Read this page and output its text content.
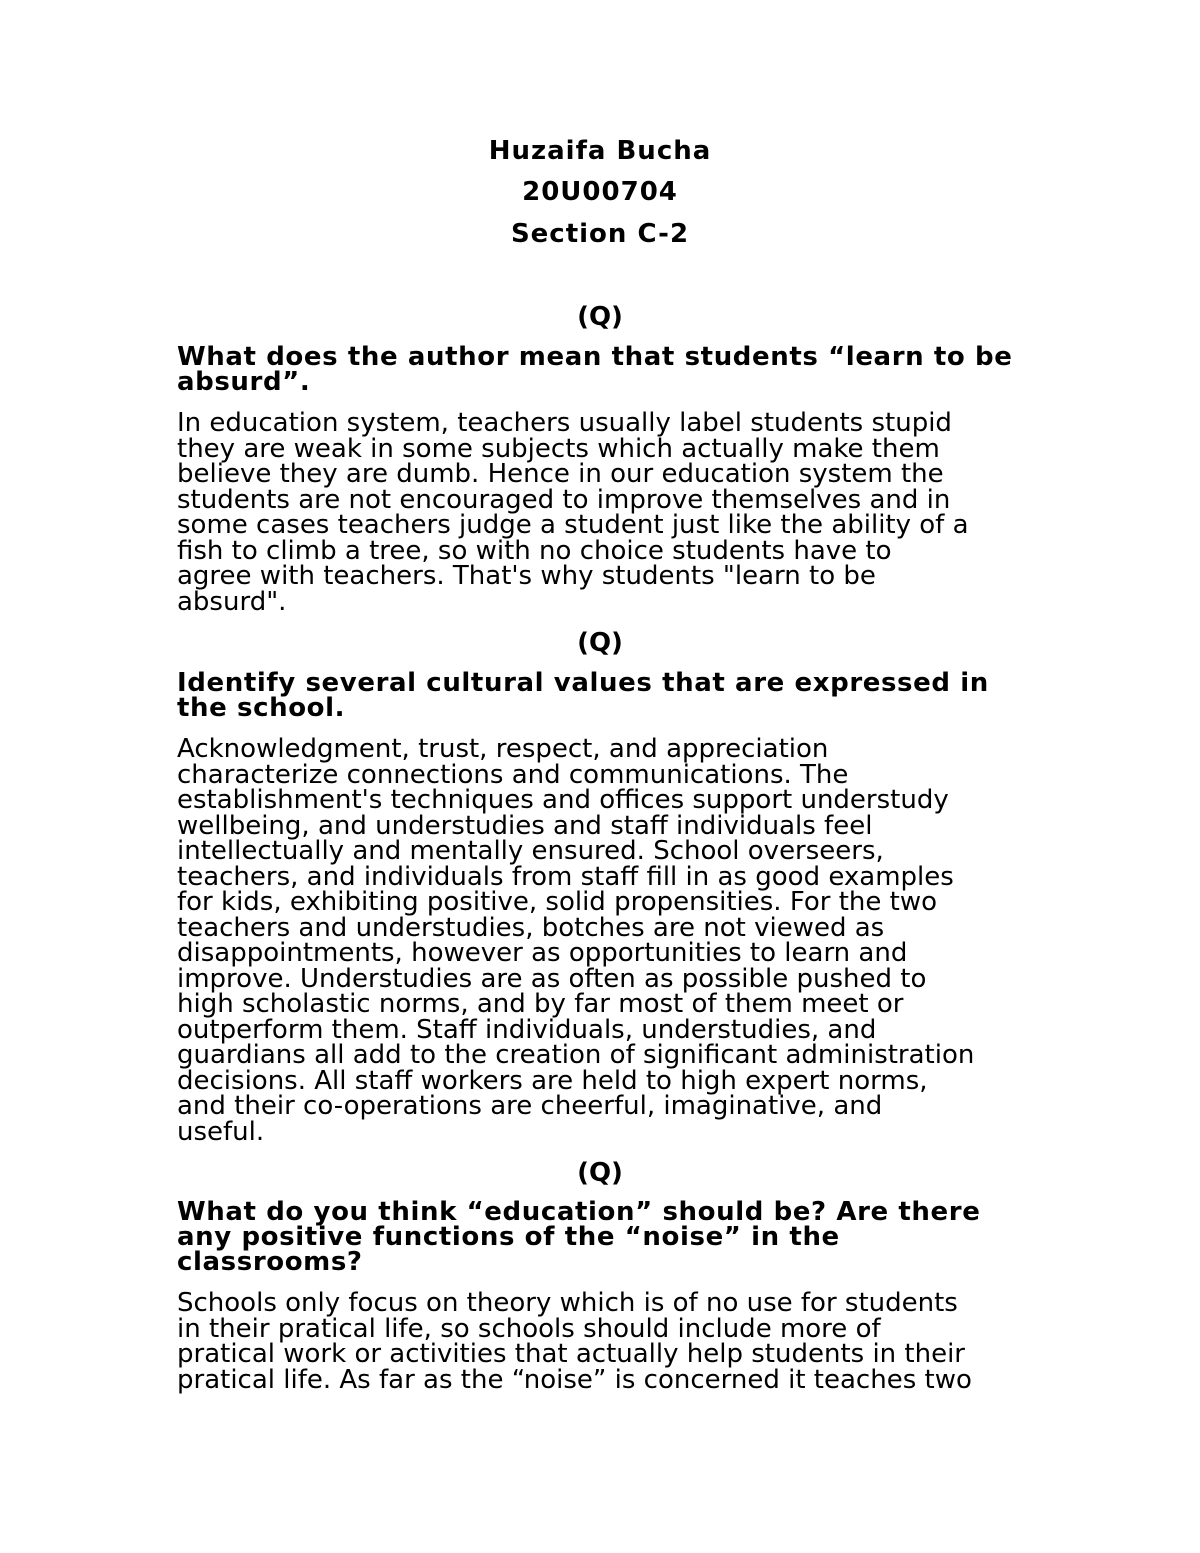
Huzaifa Bucha
20U00704
Section C-2
(Q)
What does the author mean that students “learn to be
absurd”.
In education system, teachers usually label students stupid
they are weak in some subjects which actually make them
believe they are dumb. Hence in our education system the
students are not encouraged to improve themselves and in
some cases teachers judge a student just like the ability of a
fish to climb a tree, so with no choice students have to
agree with teachers. That's why students "learn to be
absurd".
(Q)
Identify several cultural values that are expressed in
the school.
Acknowledgment, trust, respect, and appreciation
characterize connections and communications. The
establishment's techniques and offices support understudy
wellbeing, and understudies and staff individuals feel
intellectually and mentally ensured. School overseers,
teachers, and individuals from staff fill in as good examples
for kids, exhibiting positive, solid propensities. For the two
teachers and understudies, botches are not viewed as
disappointments, however as opportunities to learn and
improve. Understudies are as often as possible pushed to
high scholastic norms, and by far most of them meet or
outperform them. Staff individuals, understudies, and
guardians all add to the creation of significant administration
decisions. All staff workers are held to high expert norms,
and their co-operations are cheerful, imaginative, and
useful.
(Q)
What do you think “education” should be? Are there
any positive functions of the “noise” in the
classrooms?
Schools only focus on theory which is of no use for students
in their pratical life, so schools should include more of
pratical work or activities that actually help students in their
pratical life. As far as the “noise” is concerned it teaches two
